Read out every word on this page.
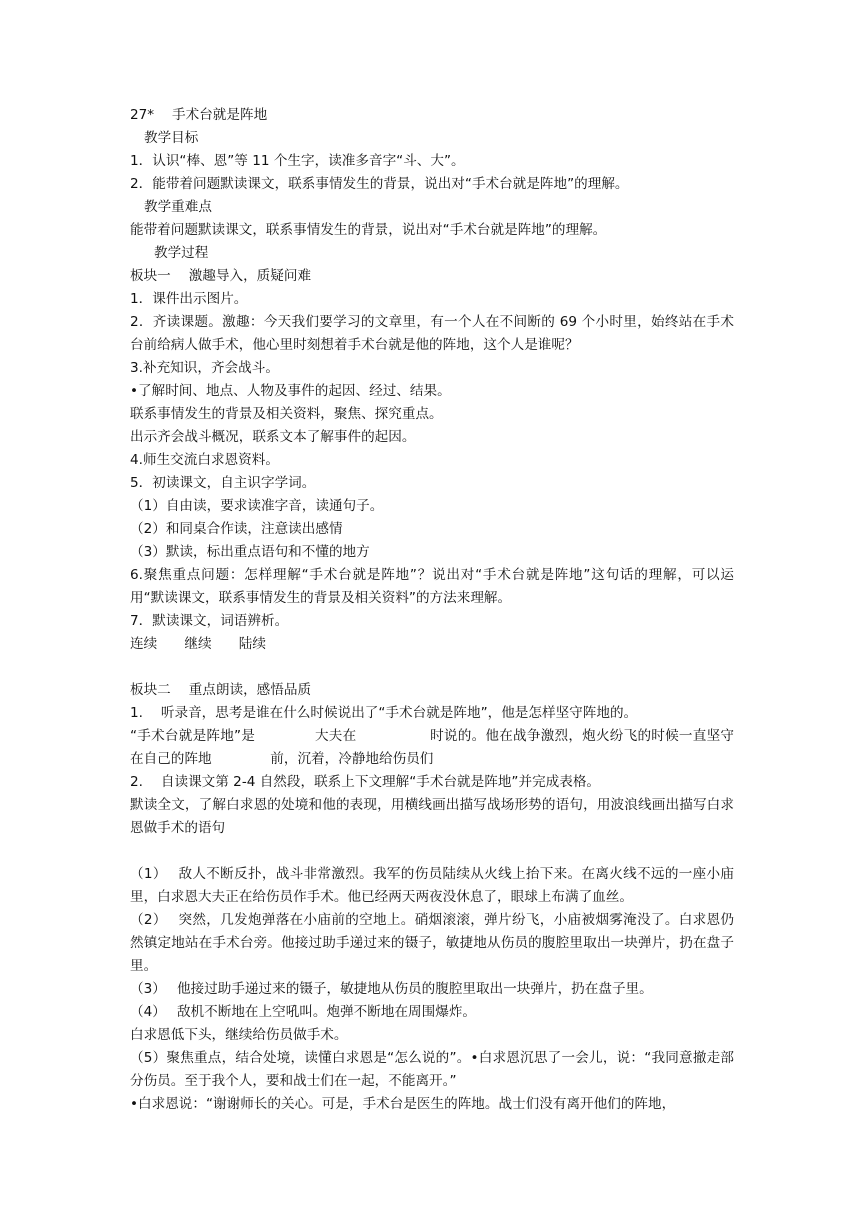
27*　 手术台就是阵地
教学目标
1．认识“棒、恩”等 11 个生字，读准多音字“斗、大”。
2．能带着问题默读课文，联系事情发生的背景，说出对“手术台就是阵地”的理解。
教学重难点
能带着问题默读课文，联系事情发生的背景，说出对“手术台就是阵地”的理解。
教学过程
板块一　 激趣导入，质疑问难
1．课件出示图片。
2．齐读课题。激趣：今天我们要学习的文章里，有一个人在不间断的 69 个小时里，始终站在手术台前给病人做手术，他心里时刻想着手术台就是他的阵地，这个人是谁呢？
3.补充知识，齐会战斗。
•了解时间、地点、人物及事件的起因、经过、结果。
联系事情发生的背景及相关资料，聚焦、探究重点。
出示齐会战斗概况，联系文本了解事件的起因。
4.师生交流白求恩资料。
5．初读课文，自主识字学词。
（1）自由读，要求读准字音，读通句子。
（2）和同桌合作读，注意读出感情
（3）默读，标出重点语句和不懂的地方
6.聚焦重点问题：怎样理解“手术台就是阵地”？说出对“手术台就是阵地”这句话的理解，可以运用“默读课文，联系事情发生的背景及相关资料”的方法来理解。
7．默读课文，词语辨析。
连续　　继续　　陆续
板块二　 重点朗读，感悟品质
1.　 听录音，思考是谁在什么时候说出了“手术台就是阵地”，他是怎样坚守阵地的。
“手术台就是阵地”是　　　　 大夫在　　　　　 时说的。他在战争激烈，炮火纷飞的时候一直坚守在自己的阵地　　　　 前，沉着，冷静地给伤员们
2.　 自读课文第 2-4 自然段，联系上下文理解“手术台就是阵地”并完成表格。
默读全文，了解白求恩的处境和他的表现，用横线画出描写战场形势的语句，用波浪线画出描写白求恩做手术的语句
（1）　 敌人不断反扑，战斗非常激烈。我军的伤员陆续从火线上抬下来。在离火线不远的一座小庙里，白求恩大夫正在给伤员作手术。他已经两天两夜没休息了，眼球上布满了血丝。
（2）　 突然，几发炮弹落在小庙前的空地上。硝烟滚滚，弹片纷飞，小庙被烟雾淹没了。白求恩仍然镇定地站在手术台旁。他接过助手递过来的镊子，敏捷地从伤员的腹腔里取出一块弹片，扔在盘子里。
（3）　 他接过助手递过来的镊子，敏捷地从伤员的腹腔里取出一块弹片，扔在盘子里。
（4）　 敌机不断地在上空吼叫。炮弹不断地在周围爆炸。
白求恩低下头，继续给伤员做手术。
（5）聚焦重点，结合处境，读懂白求恩是“怎么说的”。•白求恩沉思了一会儿，说：“我同意撤走部分伤员。至于我个人，要和战士们在一起，不能离开。”
•白求恩说：“谢谢师长的关心。可是，手术台是医生的阵地。战士们没有离开他们的阵地，
